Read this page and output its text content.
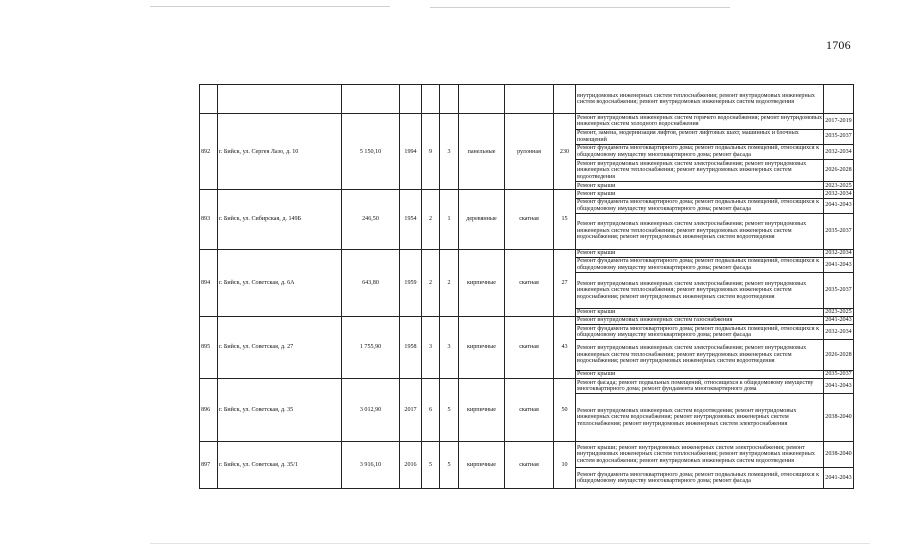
1706
									внутридомовых инженерных систем теплоснабжения; ремонт внутридомовых инженерных систем водоснабжения; ремонт внутридомовых инженерных систем водоотведения	
892	г. Бийск, ул. Сергея Лазо, д. 10	5 150,10	1994	9	3	панельные	рулонная	230	Ремонт внутридомовых инженерных систем горячего водоснабжения; ремонт внутридомовых инженерных систем холодного водоснабжения	2017-2019
									Ремонт, замена, модернизация лифтов, ремонт лифтовых шахт, машинных и блочных помещений	2035-2037
									Ремонт фундамента многоквартирного дома; ремонт подвальных помещений, относящихся к общедомовому имуществу многоквартирного дома; ремонт фасада	2032-2034
									Ремонт внутридомовых инженерных систем электроснабжения; ремонт внутридомовых инженерных систем теплоснабжения; ремонт внутридомовых инженерных систем водоотведения	2026-2028
									Ремонт крыши	2023-2025
893	г. Бийск, ул. Сибирская, д. 149Б	246,50	1954	2	1	деревянные	скатная	15	Ремонт крыши	2032-2034
									Ремонт фундамента многоквартирного дома; ремонт подвальных помещений, относящихся к общедомовому имуществу многоквартирного дома; ремонт фасада	2041-2043
									Ремонт внутридомовых инженерных систем электроснабжения; ремонт внутридомовых инженерных систем теплоснабжения; ремонт внутридомовых инженерных систем водоснабжения; ремонт внутридомовых инженерных систем водоотведения	2035-2037
894	г. Бийск, ул. Советская, д. 6А	643,80	1959	2	2	кирпичные	скатная	27	Ремонт крыши	2032-2034
									Ремонт фундамента многоквартирного дома; ремонт подвальных помещений, относящихся к общедомовому имуществу многоквартирного дома; ремонт фасада	2041-2043
									Ремонт внутридомовых инженерных систем электроснабжения; ремонт внутридомовых инженерных систем теплоснабжения; ремонт внутридомовых инженерных систем водоснабжения; ремонт внутридомовых инженерных систем водоотведения	2035-2037
									Ремонт крыши	2023-2025
895	г. Бийск, ул. Советская, д. 27	1 755,90	1958	3	3	кирпичные	скатная	43	Ремонт внутридомовых инженерных систем газоснабжения	2041-2043
									Ремонт фундамента многоквартирного дома; ремонт подвальных помещений, относящихся к общедомовому имуществу многоквартирного дома; ремонт фасада	2032-2034
									Ремонт внутридомовых инженерных систем электроснабжения; ремонт внутридомовых инженерных систем теплоснабжения; ремонт внутридомовых инженерных систем водоснабжения; ремонт внутридомовых инженерных систем водоотведения	2026-2028
									Ремонт крыши	2035-2037
896	г. Бийск, ул. Советская, д. 35	3 012,90	2017	6	5	кирпичные	скатная	50	Ремонт фасада; ремонт подвальных помещений, относящихся к общедомовому имуществу многоквартирного дома; ремонт фундамента многоквартирного дома	2041-2043
									Ремонт внутридомовых инженерных систем водоотведения; ремонт внутридомовых инженерных систем водоснабжения; ремонт внутридомовых инженерных систем теплоснабжения; ремонт внутридомовых инженерных систем электроснабжения	2038-2040
897	г. Бийск, ул. Советская, д. 35/1	3 916,10	2016	5	5	кирпичные	скатная	10	Ремонт крыши; ремонт внутридомовых инженерных систем электроснабжения; ремонт внутридомовых инженерных систем теплоснабжения; ремонт внутридомовых инженерных систем водоснабжения; ремонт внутридомовых инженерных систем водоотведения	2038-2040
									Ремонт фундамента многоквартирного дома; ремонт подвальных помещений, относящихся к общедомовому имуществу многоквартирного дома; ремонт фасада	2041-2043
